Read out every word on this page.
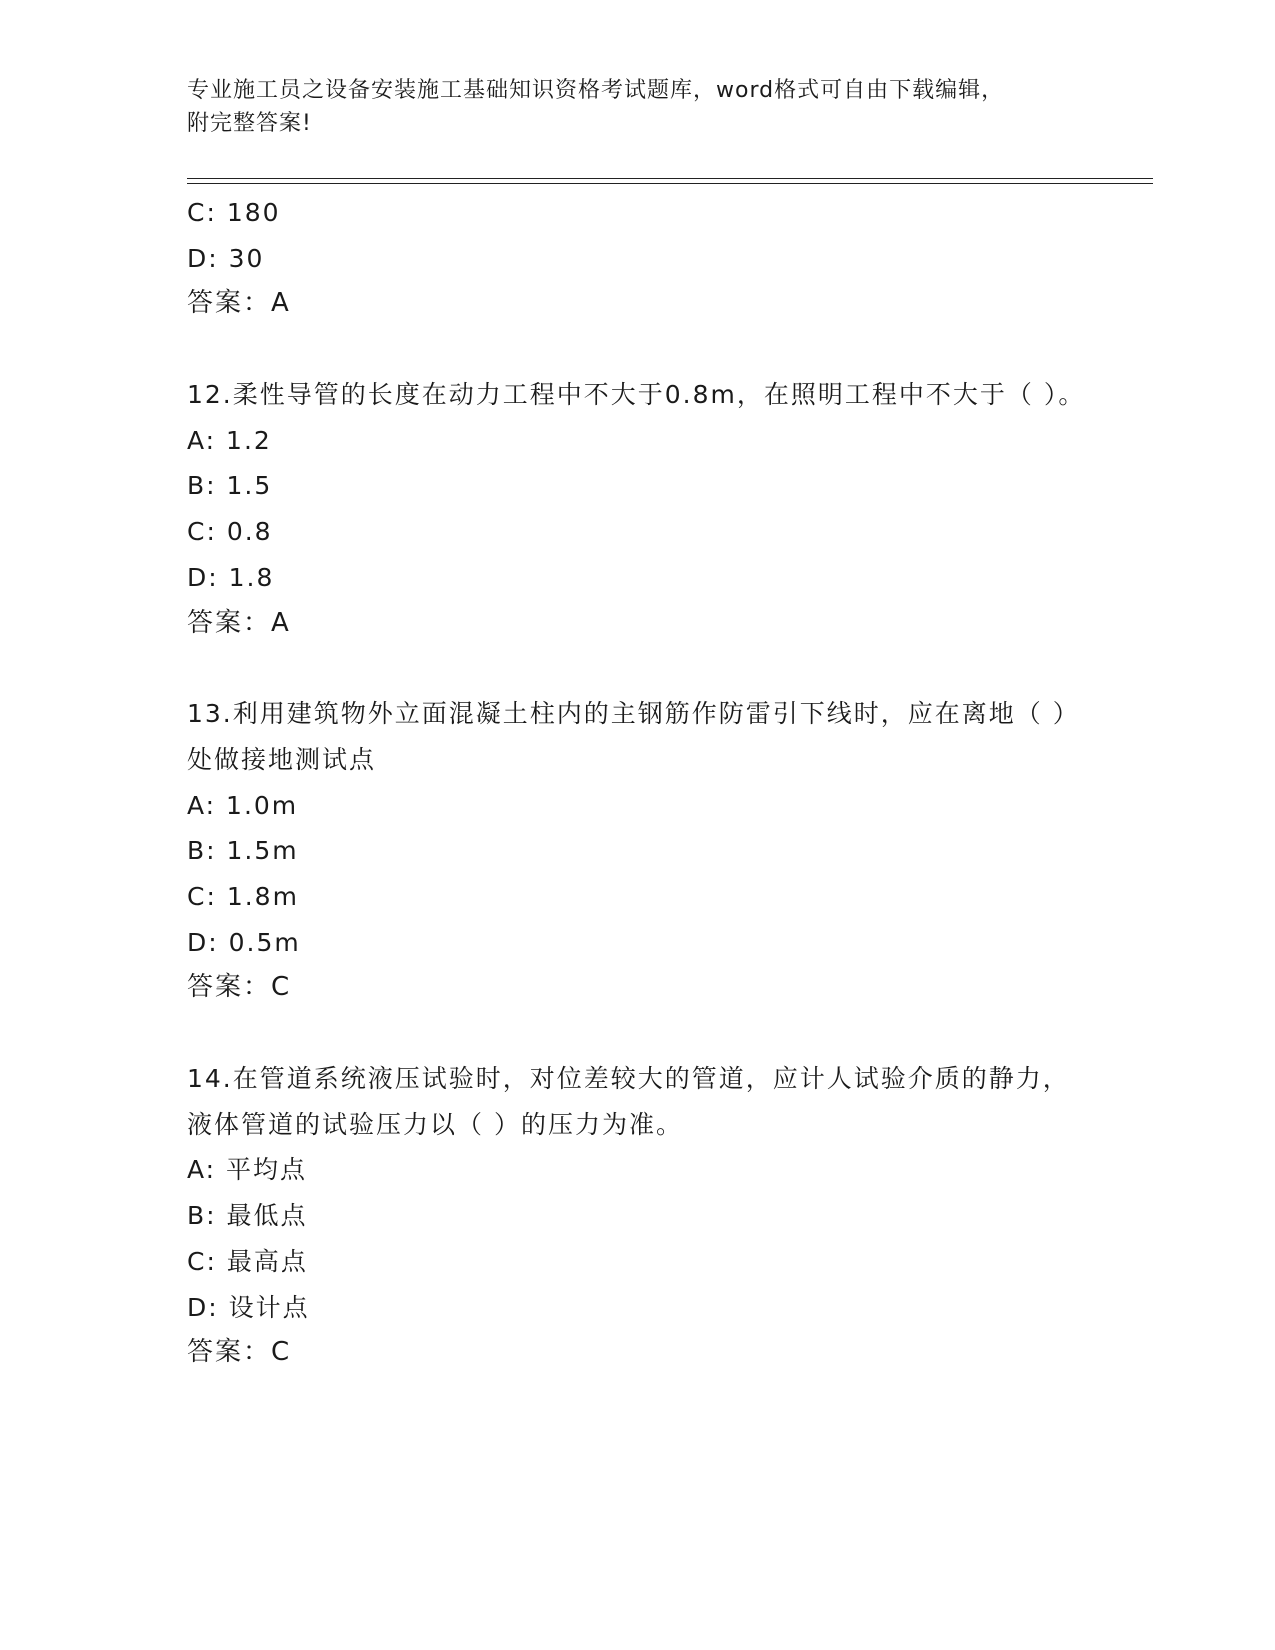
专业施工员之设备安装施工基础知识资格考试题库，word格式可自由下载编辑，
附完整答案!
C: 180
D: 30
答案：A
12.柔性导管的长度在动力工程中不大于0.8m，在照明工程中不大于（ ）。
A: 1.2
B: 1.5
C: 0.8
D: 1.8
答案：A
13.利用建筑物外立面混凝土柱内的主钢筋作防雷引下线时，应在离地（ ）处做接地测试点
A: 1.0m
B: 1.5m
C: 1.8m
D: 0.5m
答案：C
14.在管道系统液压试验时，对位差较大的管道，应计人试验介质的静力，液体管道的试验压力以（ ）的压力为准。
A: 平均点
B: 最低点
C: 最高点
D: 设计点
答案：C
